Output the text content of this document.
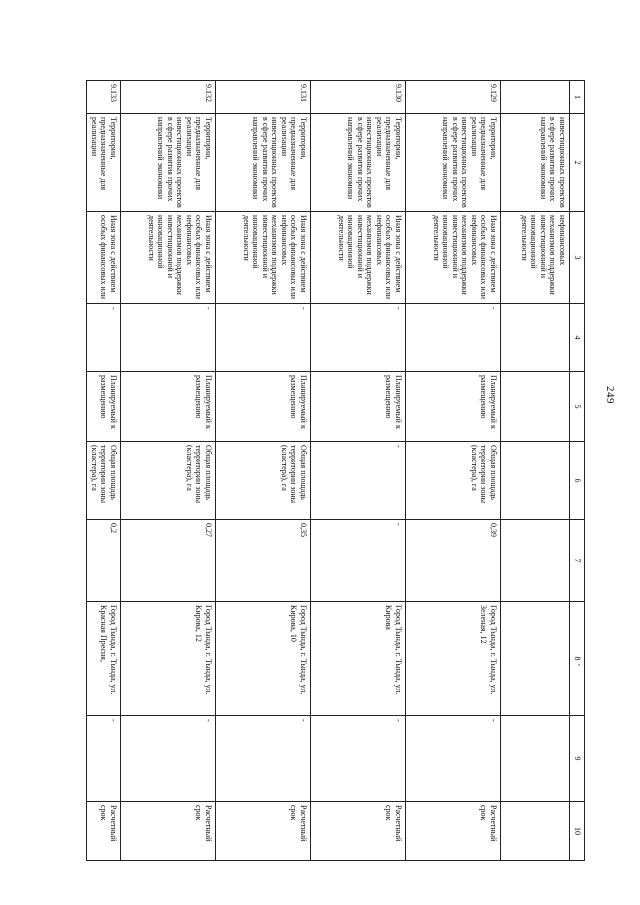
249
1	2	3	4	5	6	7	8	9	10
	инвестиционных проектов в сфере развития прочих направлений экономики	нефинансовых механизмов поддержки инвестиционной и инновационной деятельности							
9.129	Территории, предназначенные для реализации инвестиционных проектов в сфере развития прочих направлений экономики	Иная зона с действием особых финансовых или нефинансовых механизмов поддержки инвестиционной и инновационной деятельности	-	Планируемый к размещению	Общая площадь территории зоны (кластера), га	0,39	Город Тында, г. Тында, ул. Зеленая, 12	-	Расчетный срок
9.130	Территории, предназначенные для реализации инвестиционных проектов в сфере развития прочих направлений экономики	Иная зона с действием особых финансовых или нефинансовых механизмов поддержки инвестиционной и инновационной деятельности	-	Планируемый к размещению	-	-	Город Тында, г. Тында, ул. Кирова	-	Расчетный срок
9.131	Территории, предназначенные для реализации инвестиционных проектов в сфере развития прочих направлений экономики	Иная зона с действием особых финансовых или нефинансовых механизмов поддержки инвестиционной и инновационной деятельности	-	Планируемый к размещению	Общая площадь территории зоны (кластера), га	0,35	Город Тында, г. Тында, ул. Кирова, 10	-	Расчетный срок
9.132	Территории, предназначенные для реализации инвестиционных проектов в сфере развития прочих направлений экономики	Иная зона с действием особых финансовых или нефинансовых механизмов поддержки инвестиционной и инновационной деятельности	-	Планируемый к размещению	Общая площадь территории зоны (кластера), га	0,27	Город Тында, г. Тында, ул. Кирова, 12	-	Расчетный срок
9.133	Территории, предназначенные для реализации	Иная зона с действием особых финансовых или	-	Планируемый к размещению	Общая площадь территории зоны (кластера), га	0,2	Город Тында, г. Тында, ул. Красная Пресня,	-	Расчетный срок
